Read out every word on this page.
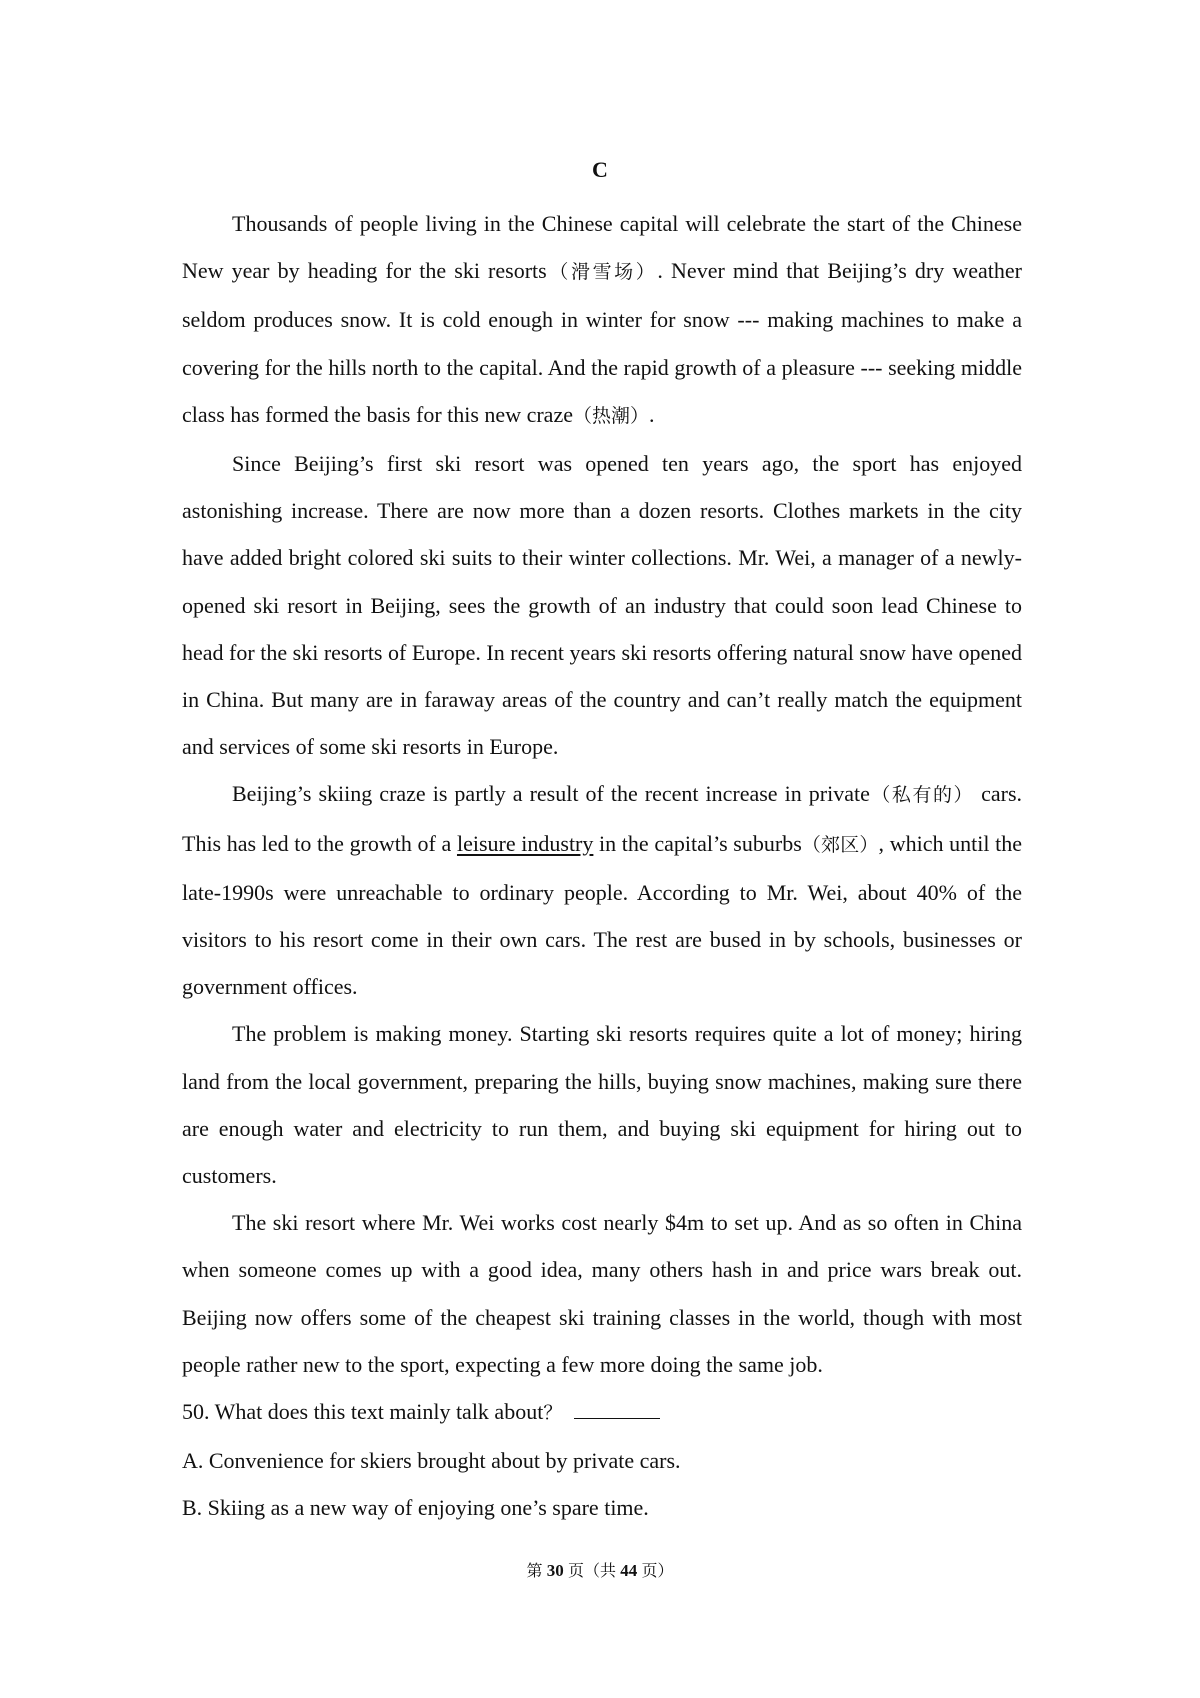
C

Thousands of people living in the Chinese capital will celebrate the start of the Chinese New year by heading for the ski resorts（滑雪场）. Never mind that Beijing’s dry weather seldom produces snow. It is cold enough in winter for snow --- making machines to make a covering for the hills north to the capital. And the rapid growth of a pleasure --- seeking middle class has formed the basis for this new craze（热潮）.

Since Beijing’s first ski resort was opened ten years ago, the sport has enjoyed astonishing increase. There are now more than a dozen resorts. Clothes markets in the city have added bright colored ski suits to their winter collections. Mr. Wei, a manager of a newly-opened ski resort in Beijing, sees the growth of an industry that could soon lead Chinese to head for the ski resorts of Europe. In recent years ski resorts offering natural snow have opened in China. But many are in faraway areas of the country and can’t really match the equipment and services of some ski resorts in Europe.

Beijing’s skiing craze is partly a result of the recent increase in private（私有的） cars. This has led to the growth of a leisure industry in the capital’s suburbs（郊区）, which until the late-1990s were unreachable to ordinary people. According to Mr. Wei, about 40% of the visitors to his resort come in their own cars. The rest are bused in by schools, businesses or government offices.

The problem is making money. Starting ski resorts requires quite a lot of money; hiring land from the local government, preparing the hills, buying snow machines, making sure there are enough water and electricity to run them, and buying ski equipment for hiring out to customers.

The ski resort where Mr. Wei works cost nearly $4m to set up. And as so often in China when someone comes up with a good idea, many others hash in and price wars break out. Beijing now offers some of the cheapest ski training classes in the world, though with most people rather new to the sport, expecting a few more doing the same job.

50. What does this text mainly talk about？

A. Convenience for skiers brought about by private cars.

B. Skiing as a new way of enjoying one’s spare time.

第 30 页（共 44 页）
